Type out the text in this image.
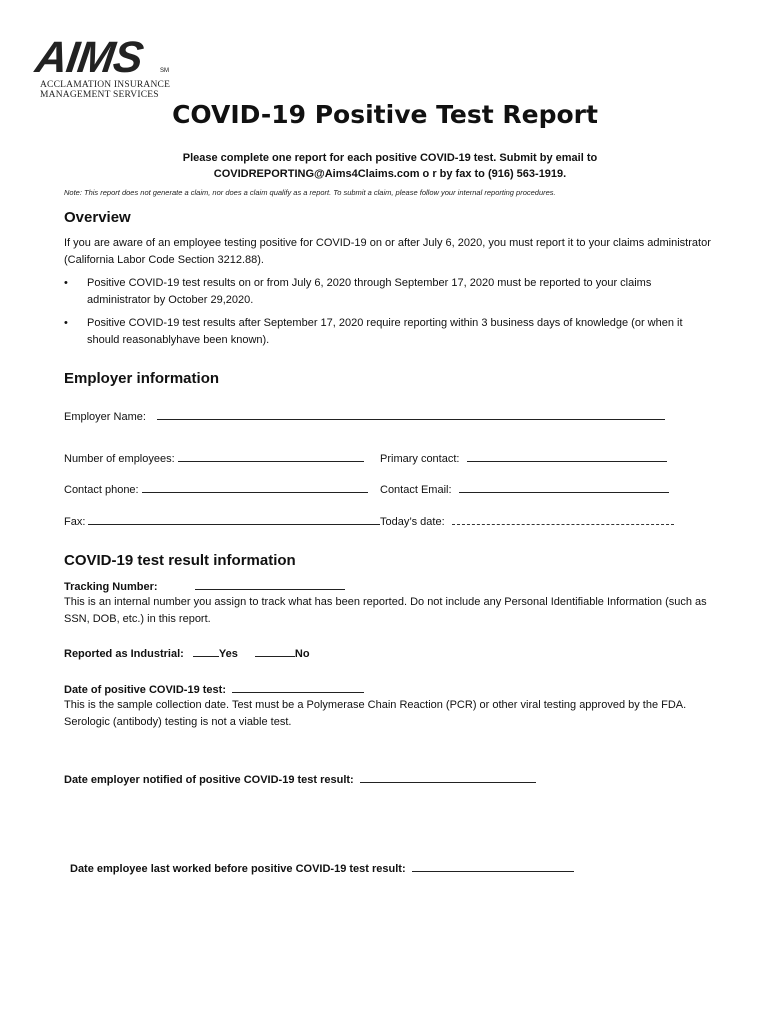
AIMS SM
ACCLAMATION INSURANCE
MANAGEMENT SERVICES
COVID-19 Positive Test Report
Please complete one report for each positive COVID-19 test. Submit by email to
COVIDREPORTING@Aims4Claims.com o r by fax to (916) 563-1919.
Note: This report does not generate a claim, nor does a claim qualify as a report. To submit a claim, please follow your internal reporting procedures.
Overview
If you are aware of an employee testing positive for COVID-19 on or after July 6, 2020, you must report it to your claims administrator (California Labor Code Section 3212.88).
• Positive COVID-19 test results on or from July 6, 2020 through September 17, 2020 must be reported to your claims administrator by October 29,2020.
• Positive COVID-19 test results after September 17, 2020 require reporting within 3 business days of knowledge (or when it should reasonablyhave been known).
Employer information
Employer Name:
Number of employees:	Primary contact:
Contact phone:	Contact Email:
Fax:	Today’s date:
COVID-19 test result information
Tracking Number:
This is an internal number you assign to track what has been reported. Do not include any Personal Identifiable Information (such as SSN, DOB, etc.) in this report.
Reported as Industrial:	Yes	No
Date of positive COVID-19 test:
This is the sample collection date. Test must be a Polymerase Chain Reaction (PCR) or other viral testing approved by the FDA. Serologic (antibody) testing is not a viable test.
Date employer notified of positive COVID-19 test result:
Date employee last worked before positive COVID-19 test result:
